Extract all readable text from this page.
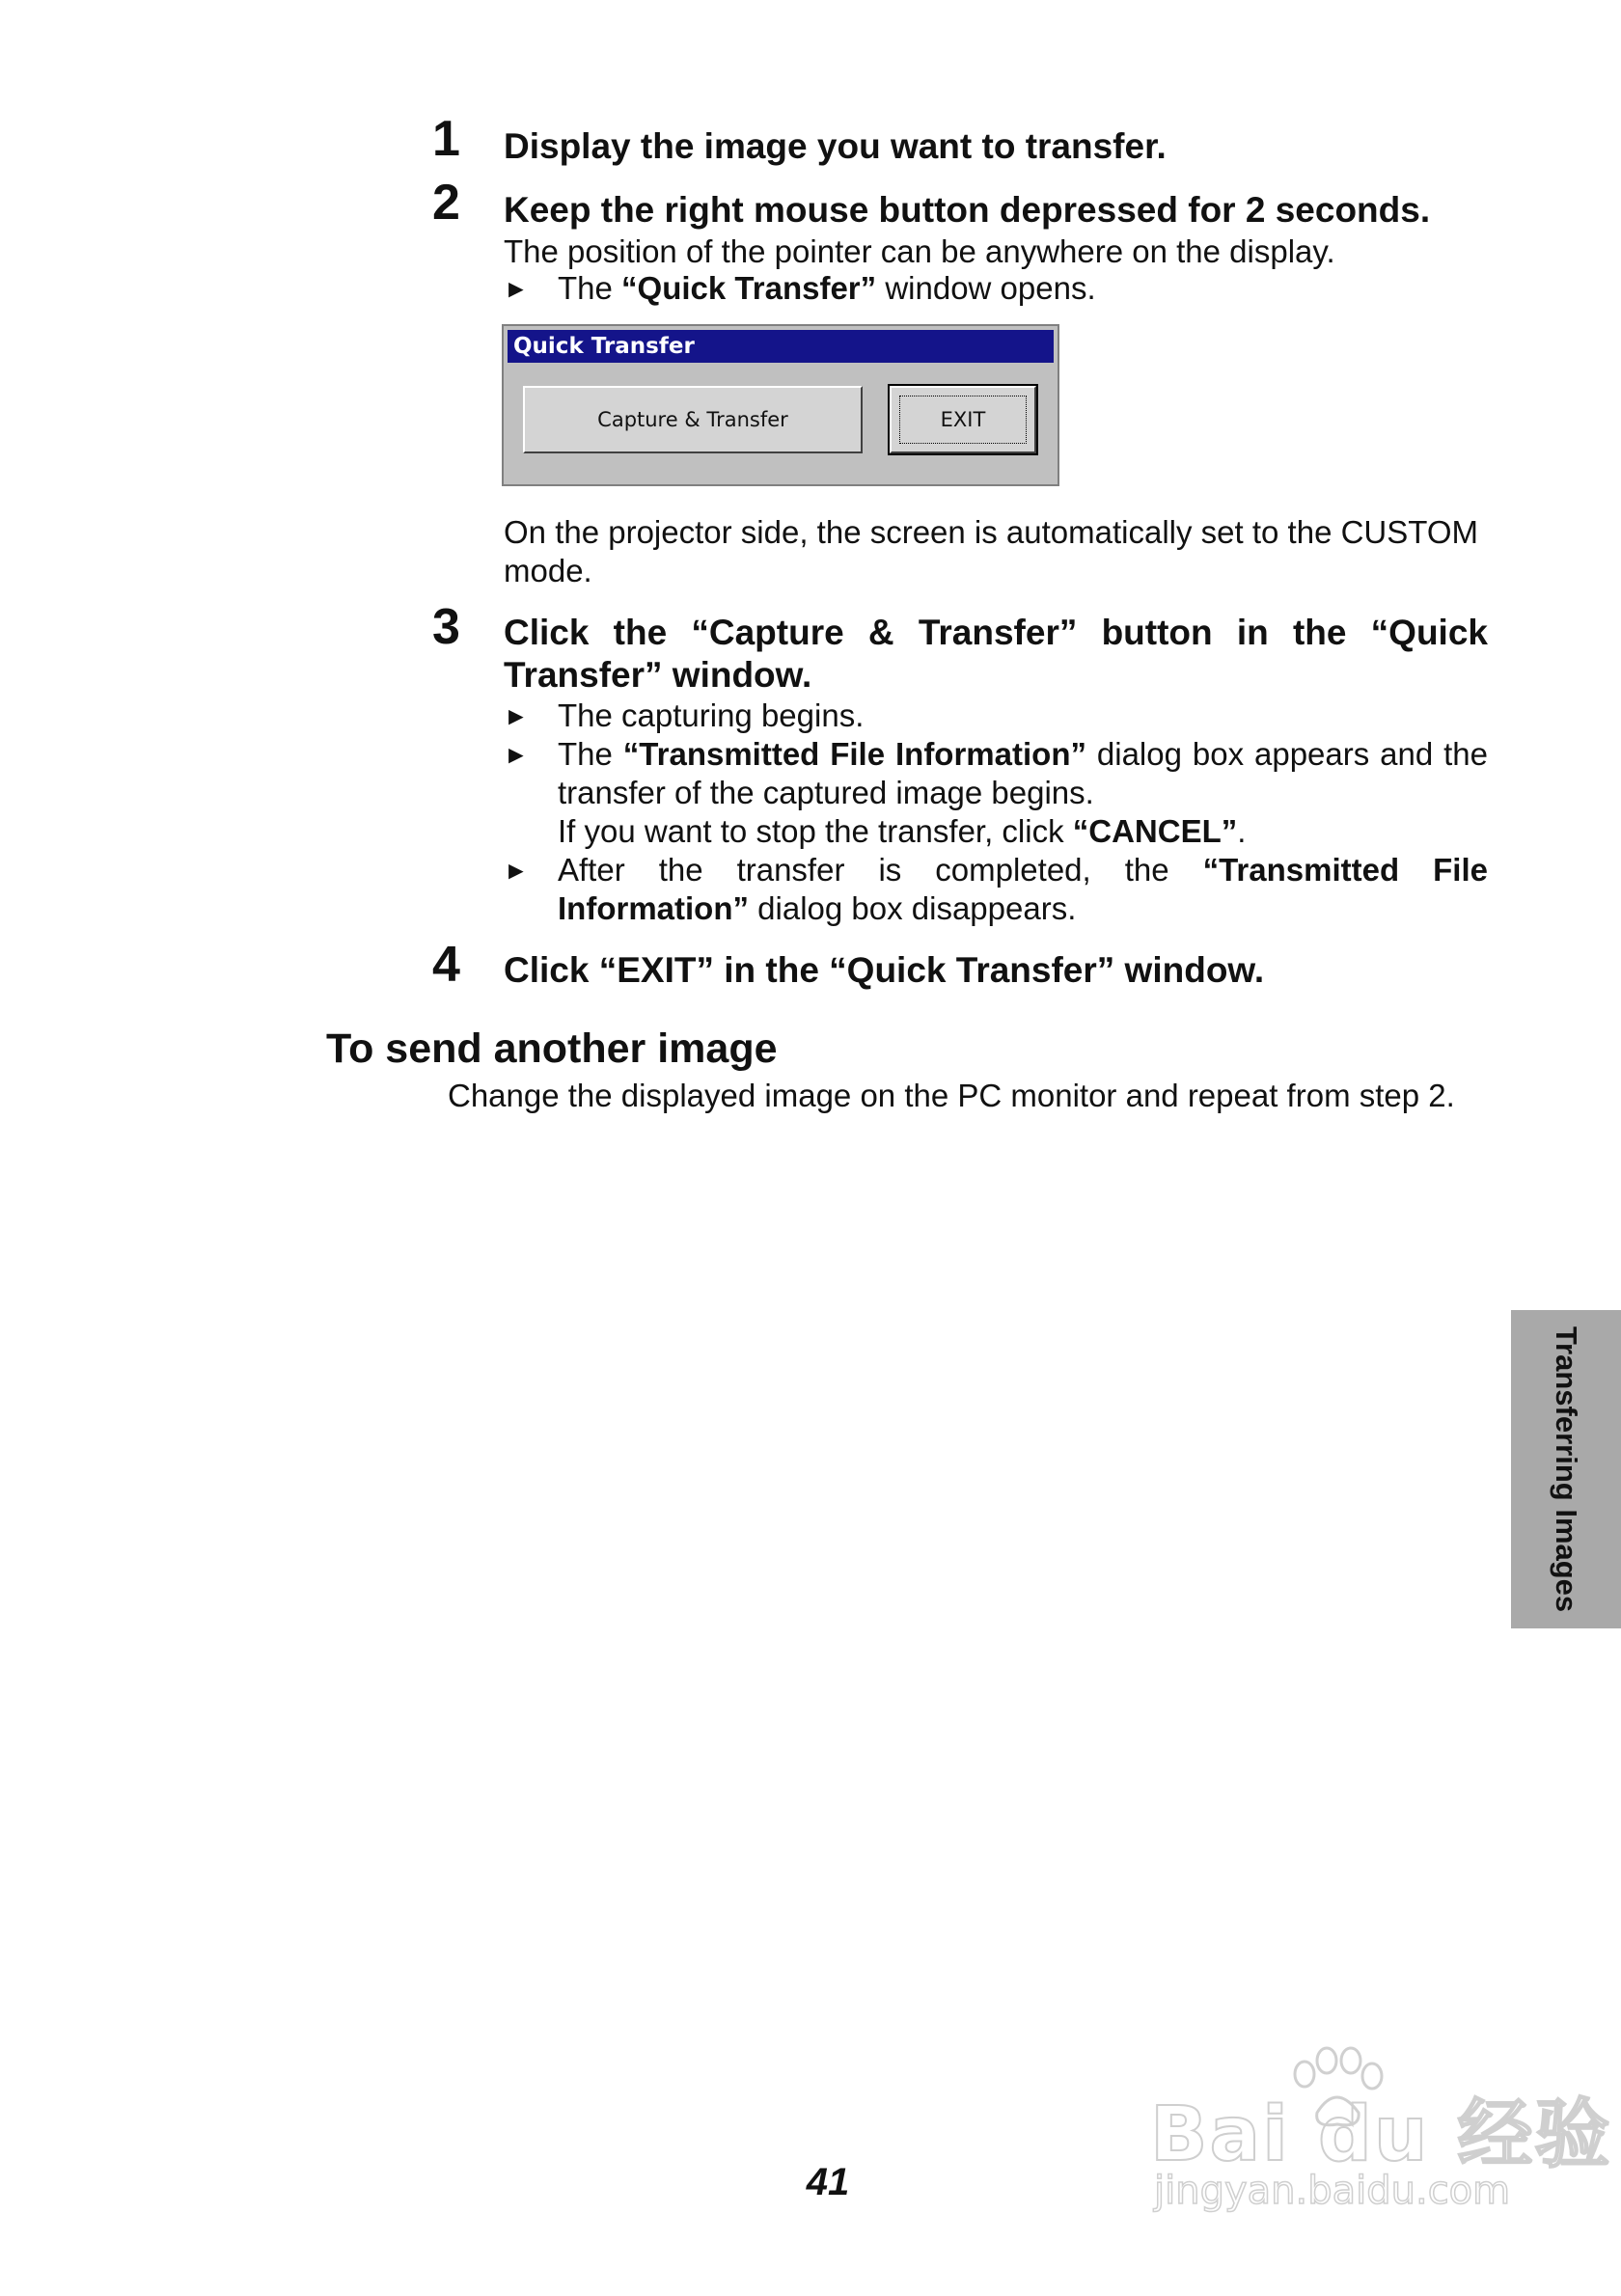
1 Display the image you want to transfer.
2 Keep the right mouse button depressed for 2 seconds.
The position of the pointer can be anywhere on the display.
► The “Quick Transfer” window opens.
Quick Transfer
Capture & Transfer	EXIT
On the projector side, the screen is automatically set to the CUSTOM mode.
3 Click the “Capture & Transfer” button in the “Quick Transfer” window.
► The capturing begins.
► The “Transmitted File Information” dialog box appears and the transfer of the captured image begins.
If you want to stop the transfer, click “CANCEL”.
► After the transfer is completed, the “Transmitted File Information” dialog box disappears.
4 Click “EXIT” in the “Quick Transfer” window.
To send another image
Change the displayed image on the PC monitor and repeat from step 2.
Transferring Images
41
Bai du 经验
jingyan.baidu.com
